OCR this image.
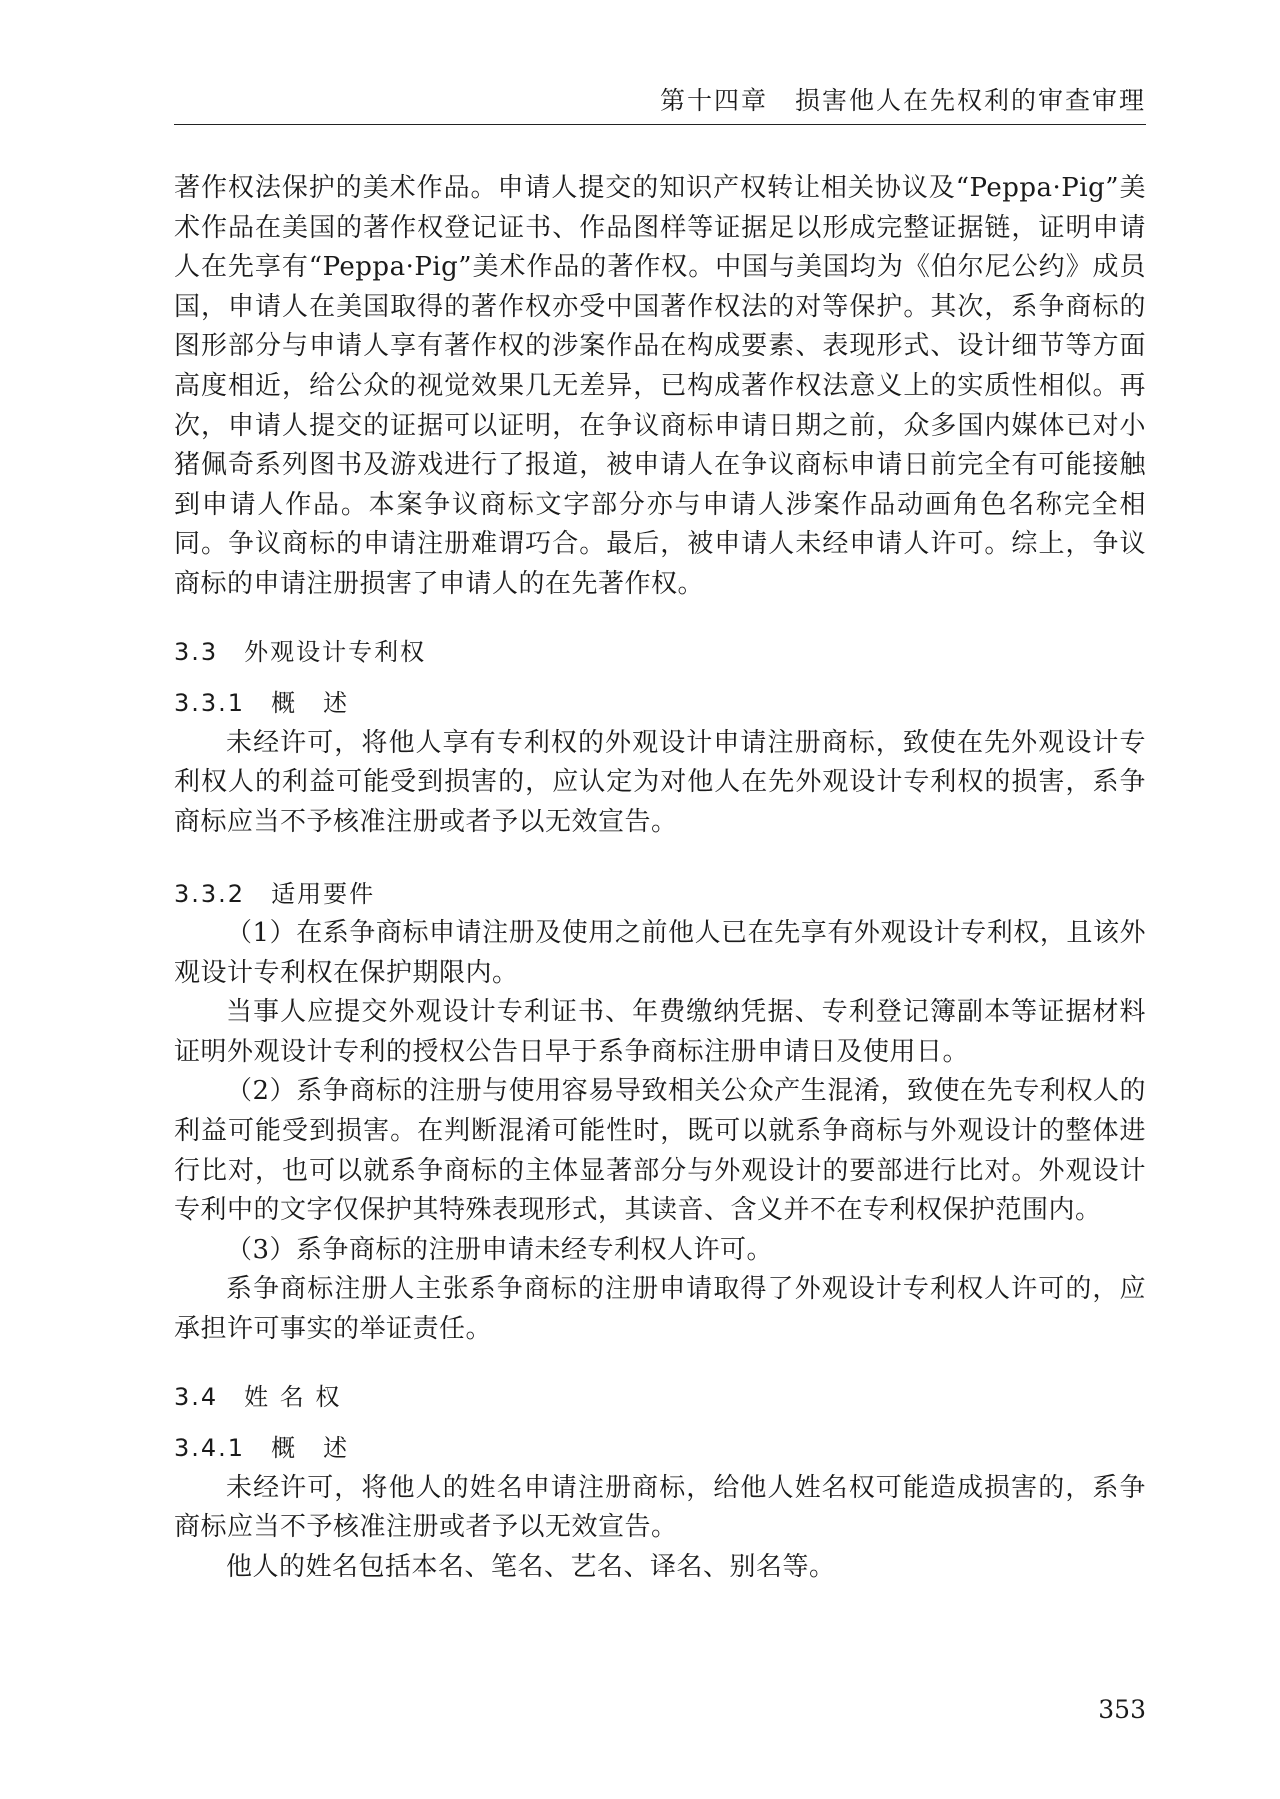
第十四章　损害他人在先权利的审查审理

著作权法保护的美术作品。申请人提交的知识产权转让相关协议及“Peppa·Pig”美术作品在美国的著作权登记证书、作品图样等证据足以形成完整证据链，证明申请人在先享有“Peppa·Pig”美术作品的著作权。中国与美国均为《伯尔尼公约》成员国，申请人在美国取得的著作权亦受中国著作权法的对等保护。其次，系争商标的图形部分与申请人享有著作权的涉案作品在构成要素、表现形式、设计细节等方面高度相近，给公众的视觉效果几无差异，已构成著作权法意义上的实质性相似。再次，申请人提交的证据可以证明，在争议商标申请日期之前，众多国内媒体已对小猪佩奇系列图书及游戏进行了报道，被申请人在争议商标申请日前完全有可能接触到申请人作品。本案争议商标文字部分亦与申请人涉案作品动画角色名称完全相同。争议商标的申请注册难谓巧合。最后，被申请人未经申请人许可。综上，争议商标的申请注册损害了申请人的在先著作权。

3.3 外观设计专利权
3.3.1 概　述

未经许可，将他人享有专利权的外观设计申请注册商标，致使在先外观设计专利权人的利益可能受到损害的，应认定为对他人在先外观设计专利权的损害，系争商标应当不予核准注册或者予以无效宣告。

3.3.2 适用要件

（1）在系争商标申请注册及使用之前他人已在先享有外观设计专利权，且该外观设计专利权在保护期限内。

当事人应提交外观设计专利证书、年费缴纳凭据、专利登记簿副本等证据材料证明外观设计专利的授权公告日早于系争商标注册申请日及使用日。

（2）系争商标的注册与使用容易导致相关公众产生混淆，致使在先专利权人的利益可能受到损害。在判断混淆可能性时，既可以就系争商标与外观设计的整体进行比对，也可以就系争商标的主体显著部分与外观设计的要部进行比对。外观设计专利中的文字仅保护其特殊表现形式，其读音、含义并不在专利权保护范围内。

（3）系争商标的注册申请未经专利权人许可。

系争商标注册人主张系争商标的注册申请取得了外观设计专利权人许可的，应承担许可事实的举证责任。

3.4 姓 名 权
3.4.1 概　述

未经许可，将他人的姓名申请注册商标，给他人姓名权可能造成损害的，系争商标应当不予核准注册或者予以无效宣告。

他人的姓名包括本名、笔名、艺名、译名、别名等。

353
